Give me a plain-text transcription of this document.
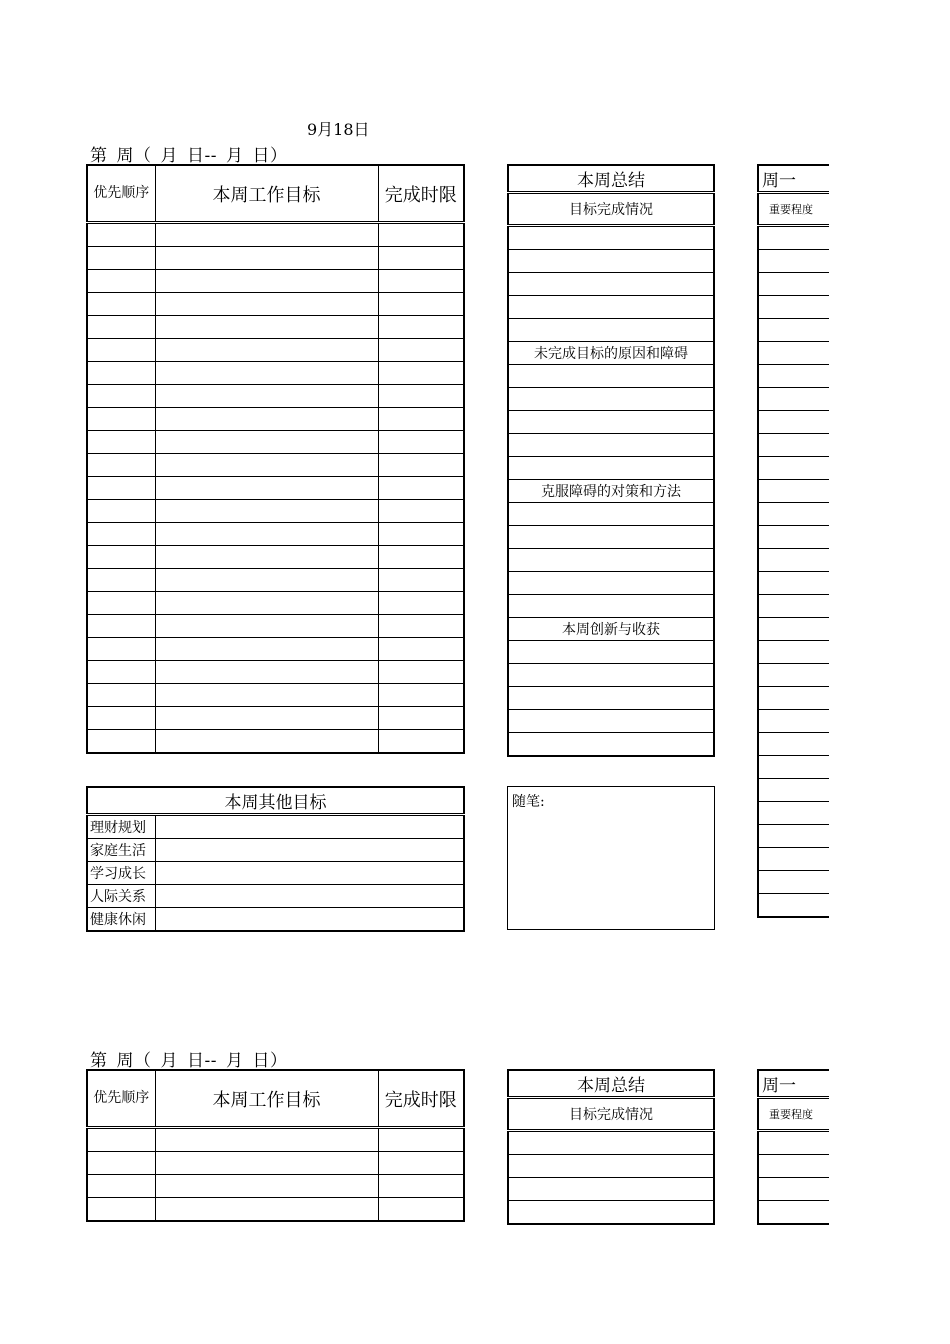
9月18日
第_周（_月_日--_月_日）
优先顺序	本周工作目标	完成时限

本周总结
目标完成情况

未完成目标的原因和障碍

克服障碍的对策和方法

本周创新与收获

周一
重要程度

本周其他目标	
理财规划	
家庭生活	
学习成长	
人际关系	
健康休闲	
随笔:
第_周（_月_日--_月_日）
优先顺序	本周工作目标	完成时限

本周总结
目标完成情况

周一
重要程度
